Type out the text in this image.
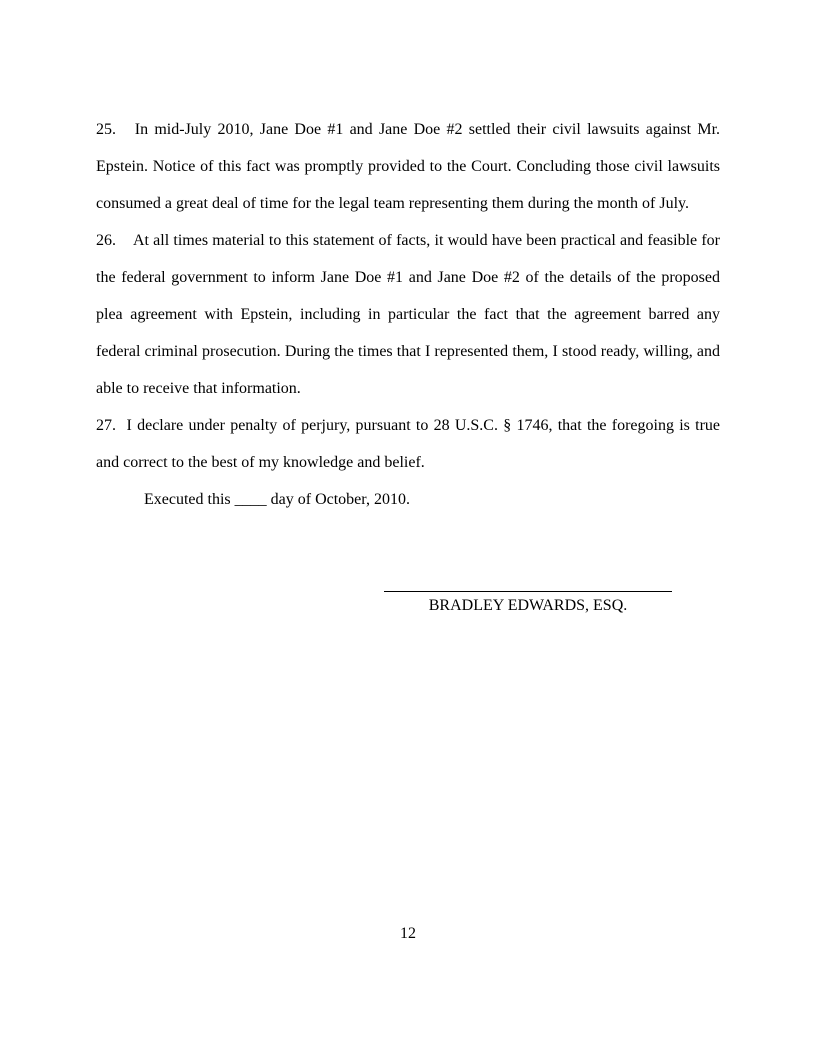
25. In mid-July 2010, Jane Doe #1 and Jane Doe #2 settled their civil lawsuits against Mr. Epstein. Notice of this fact was promptly provided to the Court. Concluding those civil lawsuits consumed a great deal of time for the legal team representing them during the month of July.

26. At all times material to this statement of facts, it would have been practical and feasible for the federal government to inform Jane Doe #1 and Jane Doe #2 of the details of the proposed plea agreement with Epstein, including in particular the fact that the agreement barred any federal criminal prosecution. During the times that I represented them, I stood ready, willing, and able to receive that information.

27. I declare under penalty of perjury, pursuant to 28 U.S.C. § 1746, that the foregoing is true and correct to the best of my knowledge and belief.

Executed this ____ day of October, 2010.

BRADLEY EDWARDS, ESQ.
12
